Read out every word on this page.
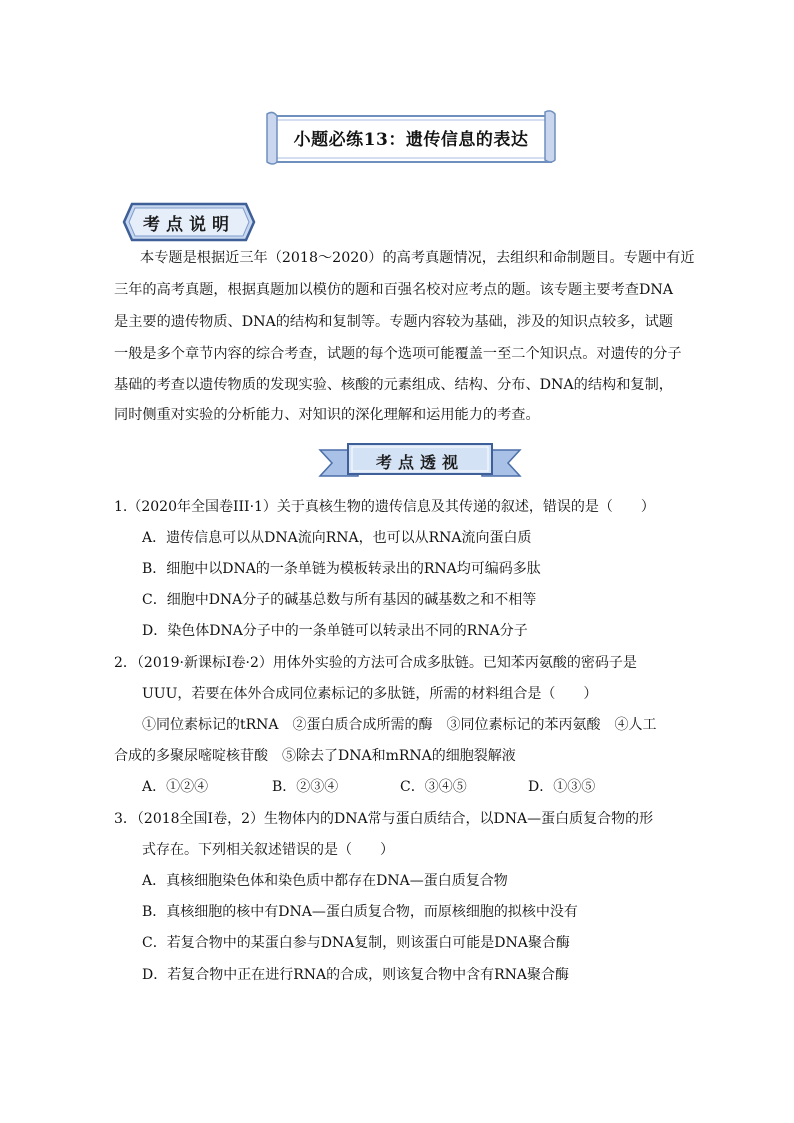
小题必练13：遗传信息的表达
考点说明
本专题是根据近三年（2018～2020）的高考真题情况，去组织和命制题目。专题中有近
三年的高考真题，根据真题加以模仿的题和百强名校对应考点的题。该专题主要考查DNA
是主要的遗传物质、DNA的结构和复制等。专题内容较为基础，涉及的知识点较多，试题
一般是多个章节内容的综合考查，试题的每个选项可能覆盖一至二个知识点。对遗传的分子
基础的考查以遗传物质的发现实验、核酸的元素组成、结构、分布、DNA的结构和复制，
同时侧重对实验的分析能力、对知识的深化理解和运用能力的考查。
考点透视
1.（2020年全国卷III·1）关于真核生物的遗传信息及其传递的叙述，错误的是（　　）
A．遗传信息可以从DNA流向RNA，也可以从RNA流向蛋白质
B．细胞中以DNA的一条单链为模板转录出的RNA均可编码多肽
C．细胞中DNA分子的碱基总数与所有基因的碱基数之和不相等
D．染色体DNA分子中的一条单链可以转录出不同的RNA分子
2．（2019·新课标Ⅰ卷·2）用体外实验的方法可合成多肽链。已知苯丙氨酸的密码子是
UUU，若要在体外合成同位素标记的多肽链，所需的材料组合是（　　）
①同位素标记的tRNA　②蛋白质合成所需的酶　③同位素标记的苯丙氨酸　④人工
合成的多聚尿嘧啶核苷酸　⑤除去了DNA和mRNA的细胞裂解液
A．①②④	B．②③④	C．③④⑤	D．①③⑤
3．（2018全国Ⅰ卷，2）生物体内的DNA常与蛋白质结合，以DNA—蛋白质复合物的形
式存在。下列相关叙述错误的是（　　）
A．真核细胞染色体和染色质中都存在DNA—蛋白质复合物
B．真核细胞的核中有DNA—蛋白质复合物，而原核细胞的拟核中没有
C．若复合物中的某蛋白参与DNA复制，则该蛋白可能是DNA聚合酶
D．若复合物中正在进行RNA的合成，则该复合物中含有RNA聚合酶
